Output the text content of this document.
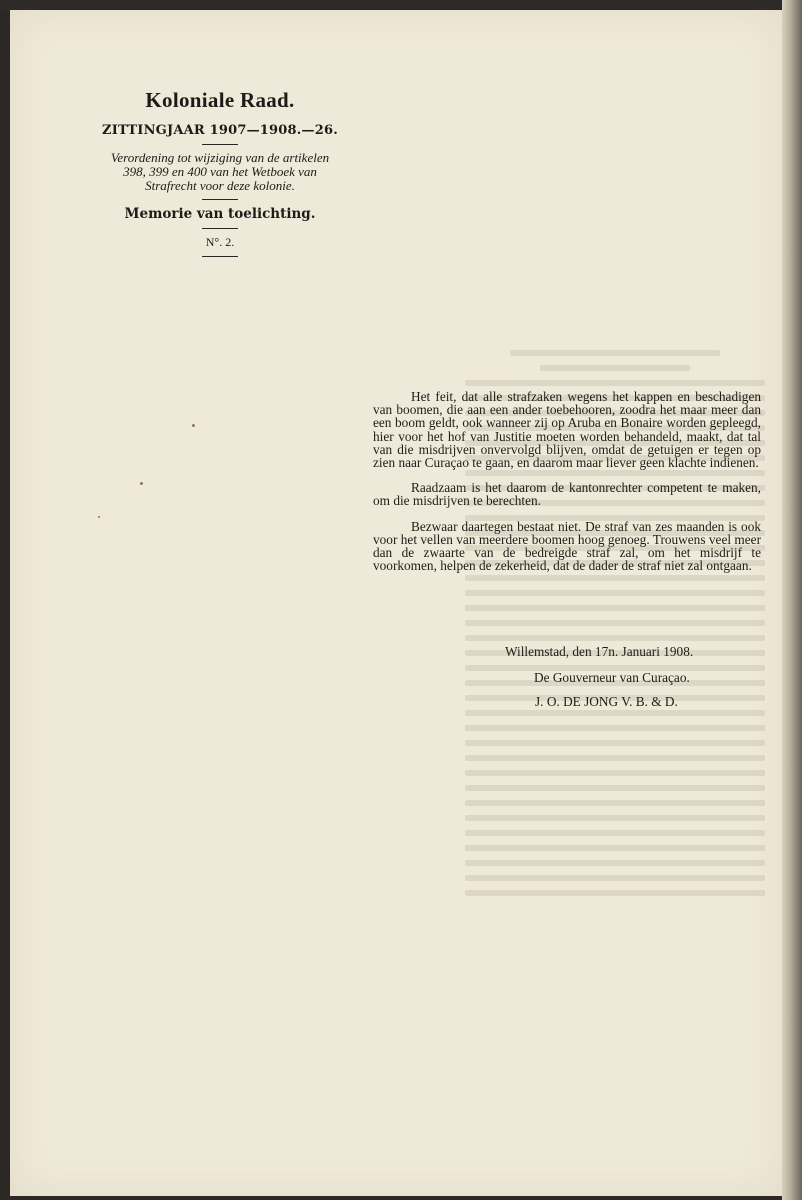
Koloniale Raad.
ZITTINGJAAR 1907—1908.—26.
Verordening tot wijziging van de artikelen 398, 399 en 400 van het Wetboek van Strafrecht voor deze kolonie.
Memorie van toelichting.
N°. 2.

Het feit, dat alle strafzaken wegens het kappen en beschadigen van boomen, die aan een ander toebehooren, zoodra het maar meer dan een boom geldt, ook wanneer zij op Aruba en Bonaire worden gepleegd, hier voor het hof van Justitie moeten worden behandeld, maakt, dat tal van die misdrijven onvervolgd blijven, omdat de getuigen er tegen op zien naar Curaçao te gaan, en daarom maar liever geen klachte indienen.

Raadzaam is het daarom de kantonrechter competent te maken, om die misdrijven te berechten.

Bezwaar daartegen bestaat niet. De straf van zes maanden is ook voor het vellen van meerdere boomen hoog genoeg. Trouwens veel meer dan de zwaarte van de bedreigde straf zal, om het misdrijf te voorkomen, helpen de zekerheid, dat de dader de straf niet zal ontgaan.

Willemstad, den 17n. Januari 1908.
De Gouverneur van Curaçao.
J. O. DE JONG V. B. & D.
